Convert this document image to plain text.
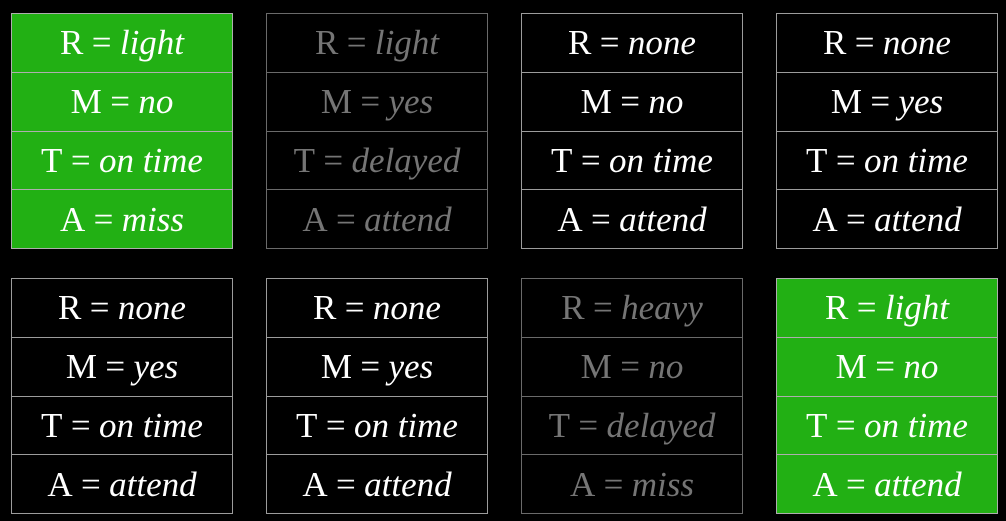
R = light
M = no
T = on time
A = miss
R = light
M = yes
T = delayed
A = attend
R = none
M = no
T = on time
A = attend
R = none
M = yes
T = on time
A = attend
R = none
M = yes
T = on time
A = attend
R = none
M = yes
T = on time
A = attend
R = heavy
M = no
T = delayed
A = miss
R = light
M = no
T = on time
A = attend
